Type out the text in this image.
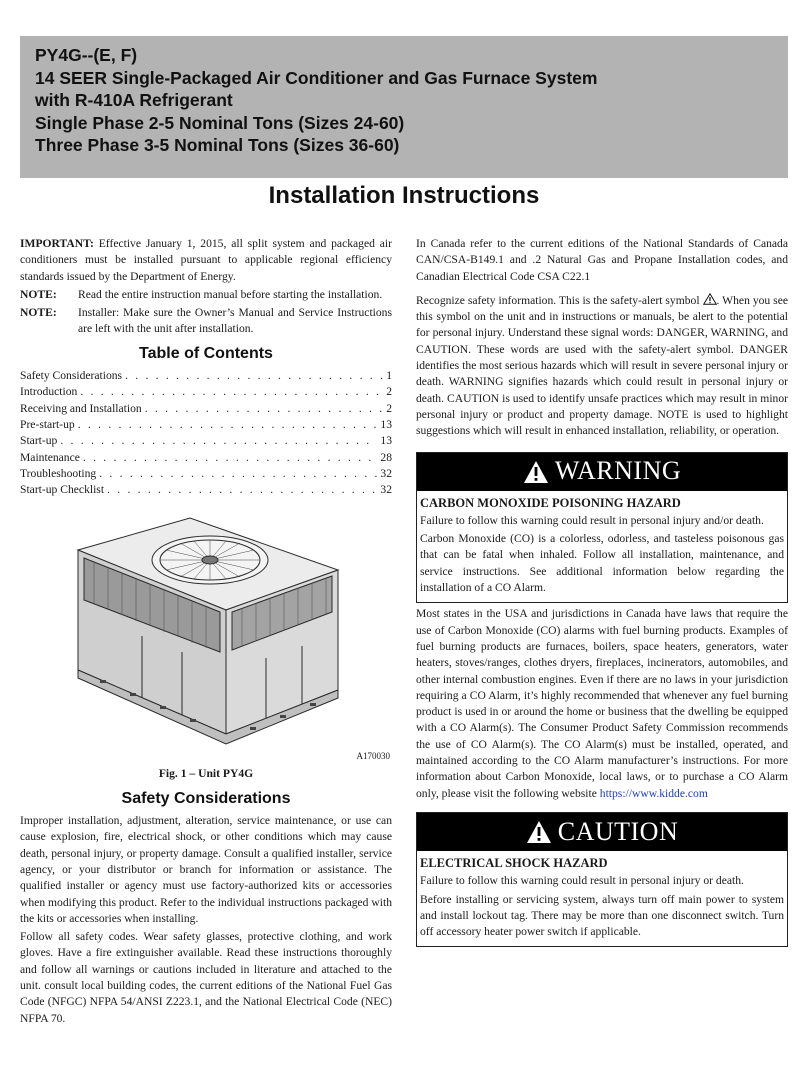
PY4G--(E, F)
14 SEER Single-Packaged Air Conditioner and Gas Furnace System
with R-410A Refrigerant
Single Phase 2-5 Nominal Tons (Sizes 24-60)
Three Phase 3-5 Nominal Tons (Sizes 36-60)
Installation Instructions
IMPORTANT: Effective January 1, 2015, all split system and packaged air conditioners must be installed pursuant to applicable regional efficiency standards issued by the Department of Energy.
NOTE:	Read the entire instruction manual before starting the installation.
NOTE:	Installer: Make sure the Owner’s Manual and Service Instructions are left with the unit after installation.
Table of Contents
Safety Considerations . . .	1
Introduction . . .	2
Receiving and Installation . . .	2
Pre-start-up . . .	13
Start-up . . .	13
Maintenance . . .	28
Troubleshooting . . .	32
Start-up Checklist . . .	32
A170030
Fig. 1 – Unit PY4G
Safety Considerations
Improper installation, adjustment, alteration, service maintenance, or use can cause explosion, fire, electrical shock, or other conditions which may cause death, personal injury, or property damage. Consult a qualified installer, service agency, or your distributor or branch for information or assistance. The qualified installer or agency must use factory-authorized kits or accessories when modifying this product. Refer to the individual instructions packaged with the kits or accessories when installing.
Follow all safety codes. Wear safety glasses, protective clothing, and work gloves. Have a fire extinguisher available. Read these instructions thoroughly and follow all warnings or cautions included in literature and attached to the unit. consult local building codes, the current editions of the National Fuel Gas Code (NFGC) NFPA 54/ANSI Z223.1, and the National Electrical Code (NEC) NFPA 70.
In Canada refer to the current editions of the National Standards of Canada CAN/CSA-B149.1 and .2 Natural Gas and Propane Installation codes, and Canadian Electrical Code CSA C22.1
Recognize safety information. This is the safety-alert symbol . When you see this symbol on the unit and in instructions or manuals, be alert to the potential for personal injury. Understand these signal words: DANGER, WARNING, and CAUTION. These words are used with the safety-alert symbol. DANGER identifies the most serious hazards which will result in severe personal injury or death. WARNING signifies hazards which could result in personal injury or death. CAUTION is used to identify unsafe practices which may result in minor personal injury or product and property damage. NOTE is used to highlight suggestions which will result in enhanced installation, reliability, or operation.
WARNING
CARBON MONOXIDE POISONING HAZARD
Failure to follow this warning could result in personal injury and/or death.
Carbon Monoxide (CO) is a colorless, odorless, and tasteless poisonous gas that can be fatal when inhaled. Follow all installation, maintenance, and service instructions. See additional information below regarding the installation of a CO Alarm.
Most states in the USA and jurisdictions in Canada have laws that require the use of Carbon Monoxide (CO) alarms with fuel burning products. Examples of fuel burning products are furnaces, boilers, space heaters, generators, water heaters, stoves/ranges, clothes dryers, fireplaces, incinerators, automobiles, and other internal combustion engines. Even if there are no laws in your jurisdiction requiring a CO Alarm, it’s highly recommended that whenever any fuel burning product is used in or around the home or business that the dwelling be equipped with a CO Alarm(s). The Consumer Product Safety Commission recommends the use of CO Alarm(s). The CO Alarm(s) must be installed, operated, and maintained according to the CO Alarm manufacturer’s instructions. For more information about Carbon Monoxide, local laws, or to purchase a CO Alarm only, please visit the following website https://www.kidde.com
CAUTION
ELECTRICAL SHOCK HAZARD
Failure to follow this warning could result in personal injury or death.
Before installing or servicing system, always turn off main power to system and install lockout tag. There may be more than one disconnect switch. Turn off accessory heater power switch if applicable.
